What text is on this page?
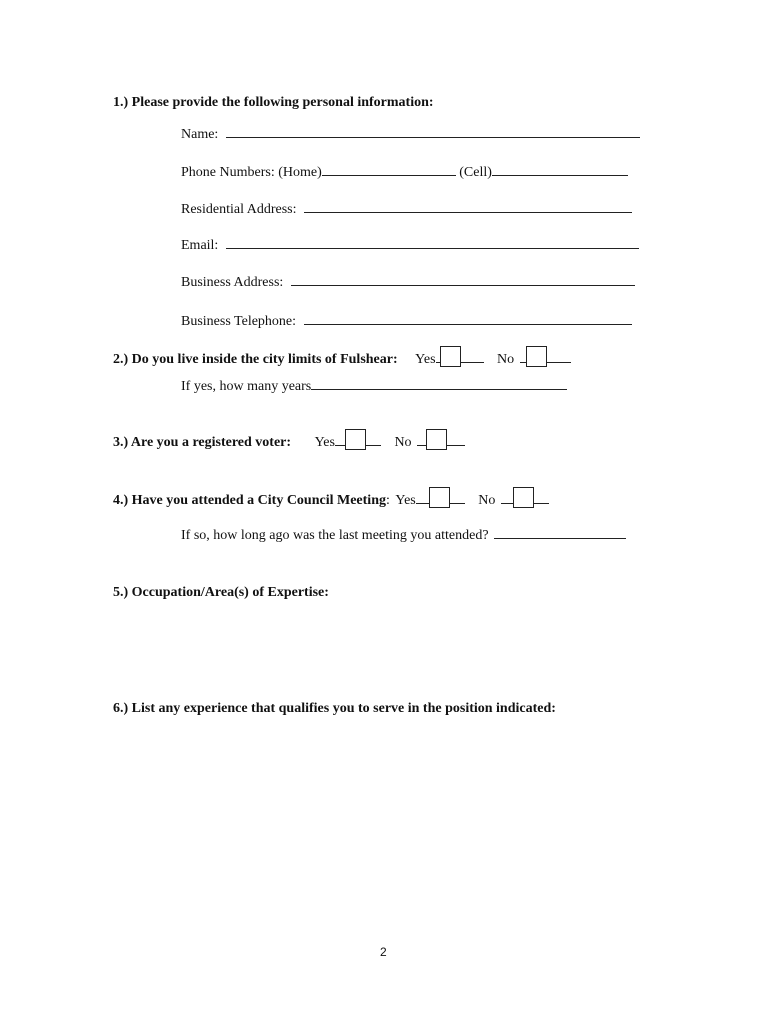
1.) Please provide the following personal information:
Name:
Phone Numbers: (Home)	(Cell)
Residential Address:
Email:
Business Address:
Business Telephone:
2.) Do you live inside the city limits of Fulshear: Yes	No
If yes, how many years
3.) Are you a registered voter: Yes	No
4.) Have you attended a City Council Meeting: Yes	No
If so, how long ago was the last meeting you attended?
5.) Occupation/Area(s) of Expertise:
6.) List any experience that qualifies you to serve in the position indicated:
2
